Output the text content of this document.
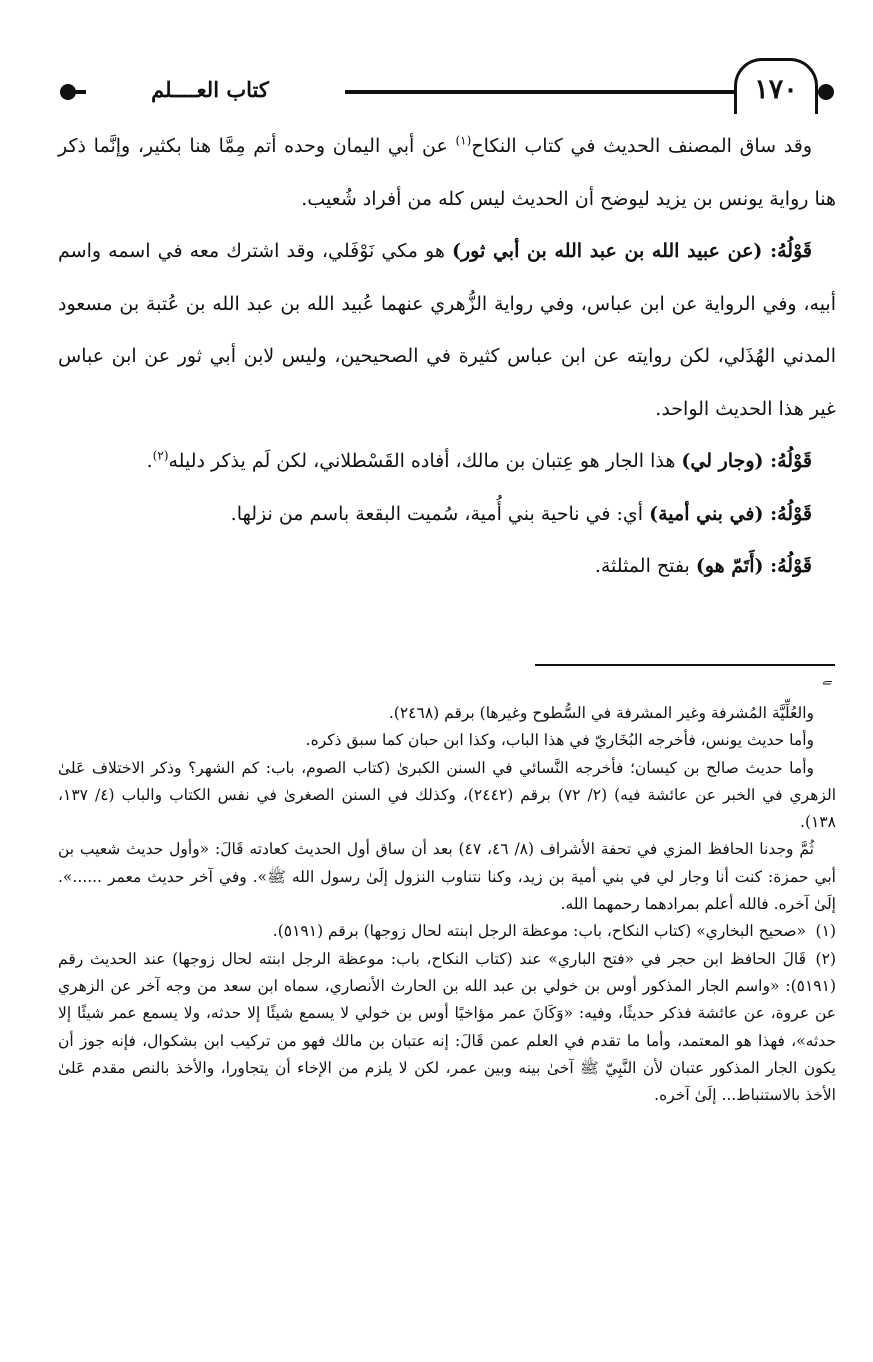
كتاب العــــلم	١٧٠

وقد ساق المصنف الحديث في كتاب النكاح$^{(١)}$ عن أبي اليمان وحده أتم مِمَّا هنا بكثير، وإنَّما ذكر هنا رواية يونس بن يزيد ليوضح أن الحديث ليس كله من أفراد شُعيب.

قَوْلُهُ: (عن عبيد الله بن عبد الله بن أبي ثور) هو مكي نَوْفَلي، وقد اشترك معه في اسمه واسم أبيه، وفي الرواية عن ابن عباس، وفي رواية الزُّهري عنهما عُبيد الله بن عبد الله بن عُتبة بن مسعود المدني الهُذَلي، لكن روايته عن ابن عباس كثيرة في الصحيحين، وليس لابن أبي ثور عن ابن عباس غير هذا الحديث الواحد.

قَوْلُهُ: (وجار لي) هذا الجار هو عِتبان بن مالك، أفاده القَسْطلاني، لكن لَم يذكر دليله$^{(٢)}$.

قَوْلُهُ: (في بني أمية) أي: في ناحية بني أُمية، سُميت البقعة باسم من نزلها.

قَوْلُهُ: (أَتَمّ هو) بفتح المثلثة.

ﮯ

والعُلِّيَّة المُشرفة وغير المشرفة في السُّطوح وغيرها) برقم (٢٤٦٨).

وأما حديث يونس، فأخرجه البُخَاريّ في هذا الباب، وكذا ابن حبان كما سبق ذكره.

وأما حديث صالح بن كيسان؛ فأخرجه النَّسائي في السنن الكبرىٰ (كتاب الصوم، باب: كم الشهر؟ وذكر الاختلاف عَلىٰ الزهري في الخبر عن عائشة فيه) (٢/ ٧٢) برقم (٢٤٤٢)، وكذلك في السنن الصغرىٰ في نفس الكتاب والباب (٤/ ١٣٧، ١٣٨).

ثُمَّ وجدنا الحافظ المزي في تحفة الأشراف (٨/ ٤٦، ٤٧) بعد أن ساق أول الحديث كعادته قَالَ: «وأول حديث شعيب بن أبي حمزة: كنت أنا وجار لي في بني أمية بن زيد، وكنا نتناوب النزول إلَىٰ رسول الله ﷺ». وفي آخر حديث معمر ......». إلَىٰ آخره. فالله أعلم بمرادهما رحمهما الله.

(١)«صحيح البخاري» (كتاب النكاح، باب: موعظة الرجل ابنته لحال زوجها) برقم (٥١٩١).

(٢)قَالَ الحافظ ابن حجر في «فتح الباري» عند (كتاب النكاح، باب: موعظة الرجل ابنته لحال زوجها) عند الحديث رقم (٥١٩١): «واسم الجار المذكور أوس بن خولي بن عبد الله بن الحارث الأنصاري، سماه ابن سعد من وجه آخر عن الزهري عن عروة، عن عائشة فذكر حديثًا، وفيه: «وَكَانَ عمر مؤاخيًا أوس بن خولي لا يسمع شيئًا إلا حدثه، ولا يسمع عمر شيئًا إلا حدثه»، فهذا هو المعتمد، وأما ما تقدم في العلم عمن قَالَ: إنه عتبان بن مالك فهو من تركيب ابن بشكوال، فإنه جوز أن يكون الجار المذكور عتبان لأن النَّبِيّ ﷺ آخىٰ بينه وبين عمر، لكن لا يلزم من الإخاء أن يتجاورا، والأخذ بالنص مقدم عَلىٰ الأخذ بالاستنباط... إلَىٰ آخره.
